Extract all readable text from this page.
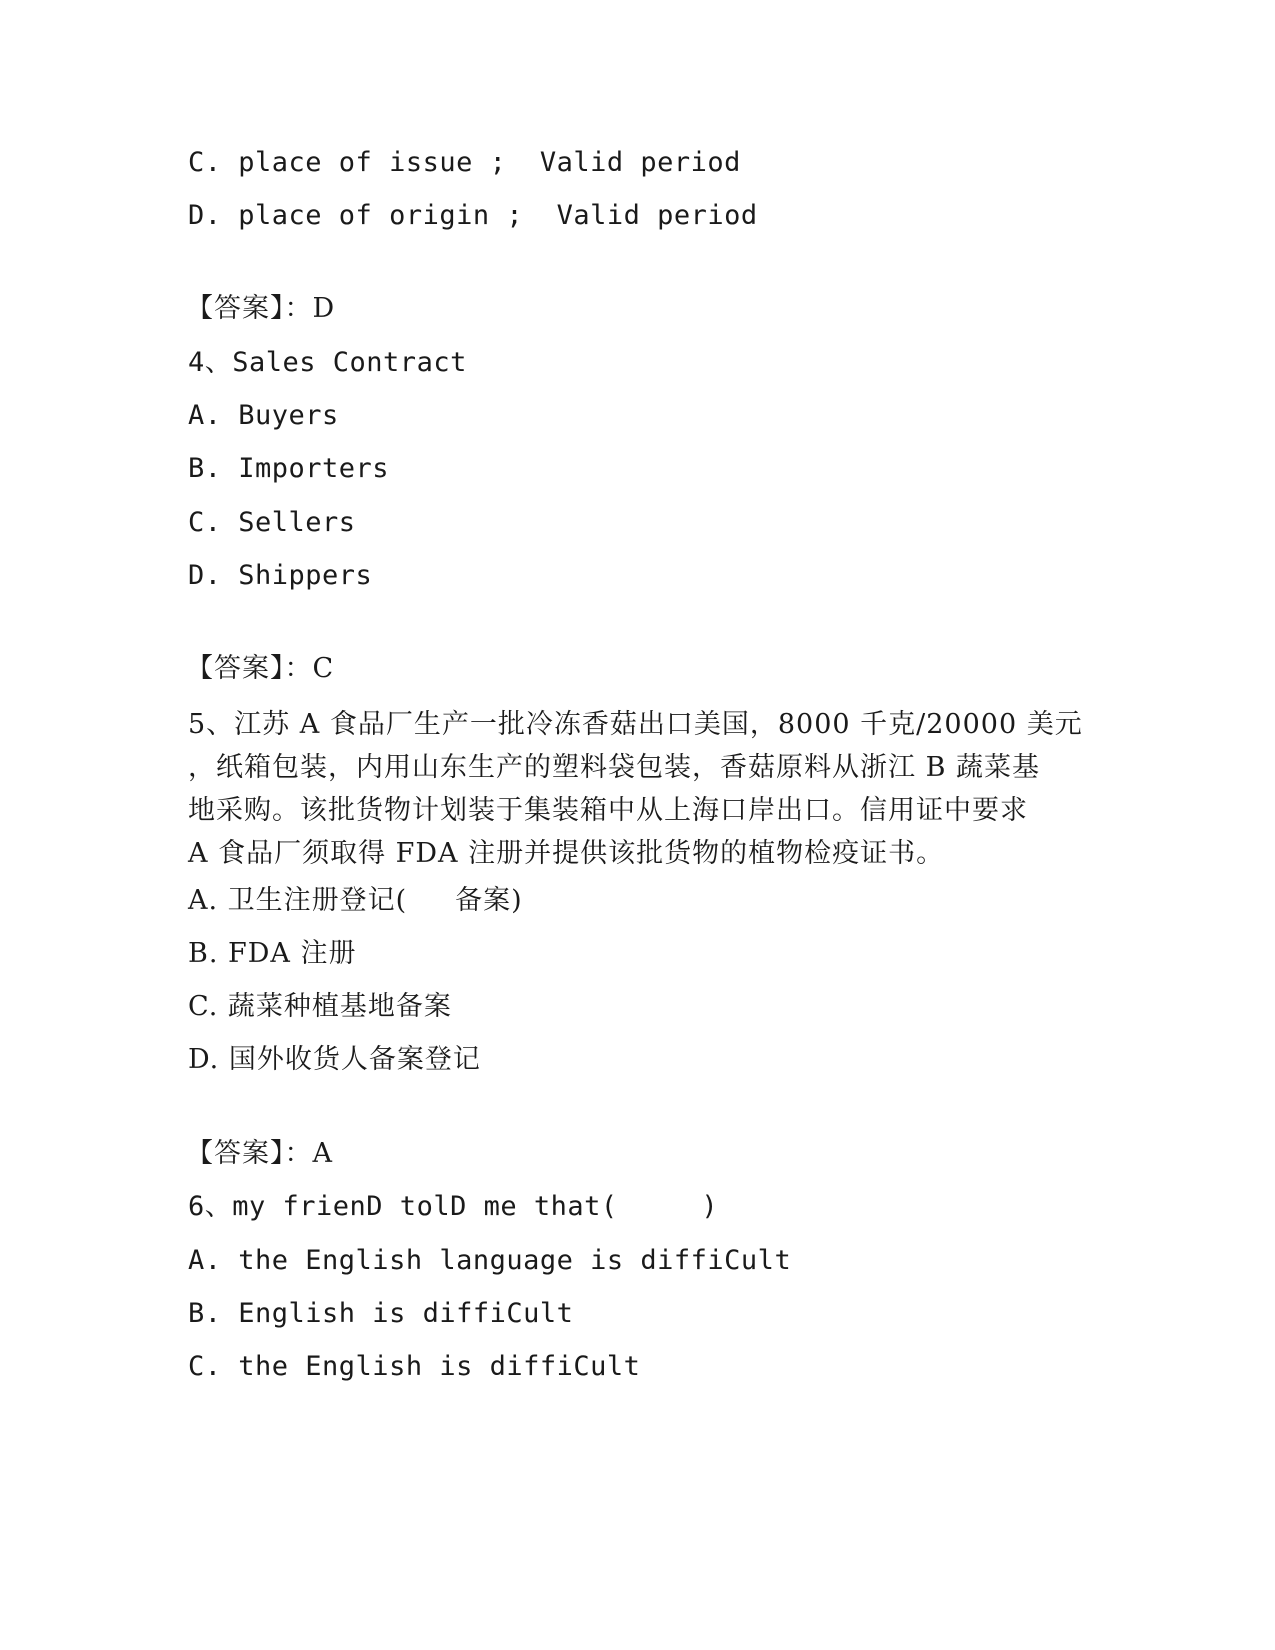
C. place of issue ;  Valid period

D. place of origin ;  Valid period

【答案】：D

4、Sales Contract

A. Buyers

B. Importers

C. Sellers

D. Shippers

【答案】：C

5、江苏 A 食品厂生产一批冷冻香菇出口美国，8000 千克/20000 美元
，纸箱包装，内用山东生产的塑料袋包装，香菇原料从浙江 B 蔬菜基
地采购。该批货物计划装于集装箱中从上海口岸出口。信用证中要求
A 食品厂须取得 FDA 注册并提供该批货物的植物检疫证书。

A. 卫生注册登记(     备案)

B. FDA 注册

C. 蔬菜种植基地备案

D. 国外收货人备案登记

【答案】：A

6、my frienD tolD me that(     )

A. the English language is diffiCult

B. English is diffiCult

C. the English is diffiCult
